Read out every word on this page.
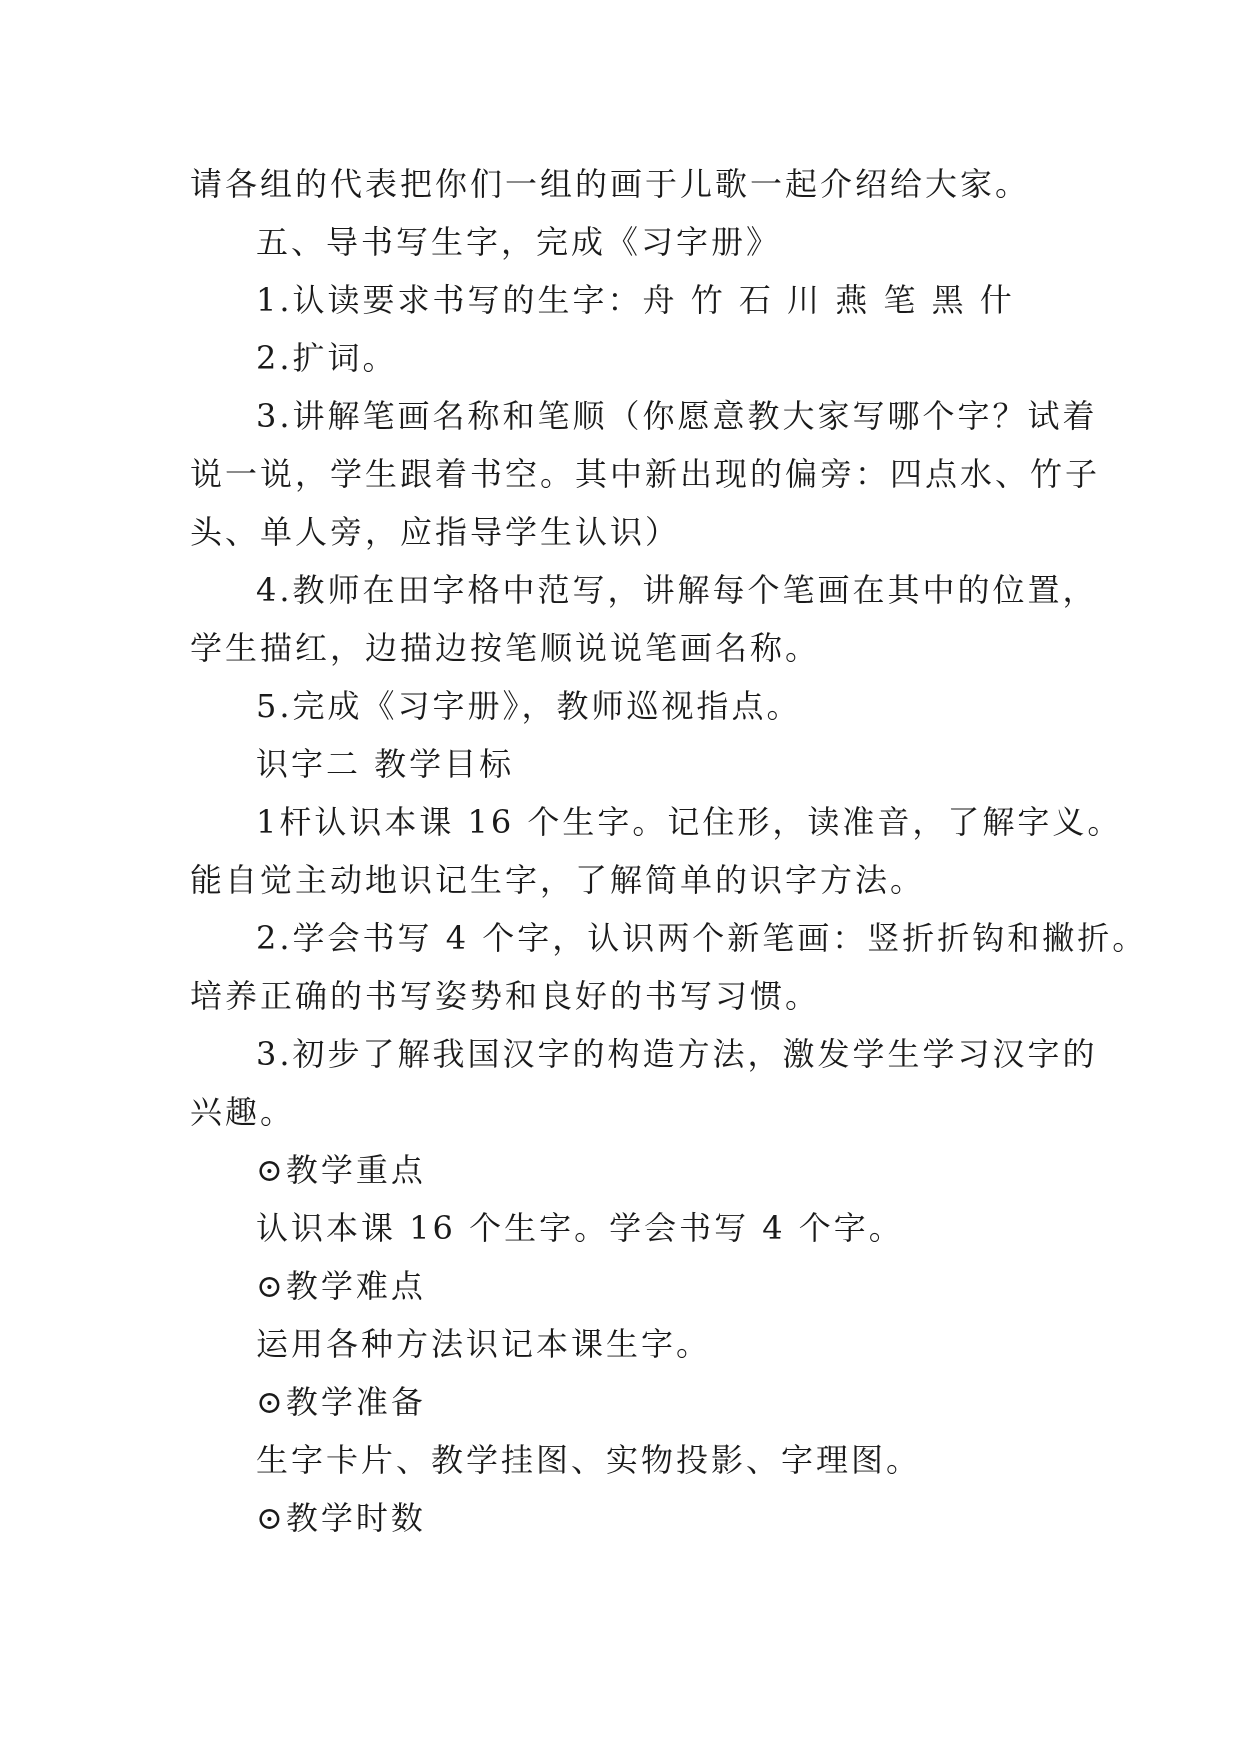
请各组的代表把你们一组的画于儿歌一起介绍给大家。
五、导书写生字，完成《习字册》
1.认读要求书写的生字：舟 竹 石 川 燕 笔 黑 什
2.扩词。
3.讲解笔画名称和笔顺（你愿意教大家写哪个字？试着
说一说，学生跟着书空。其中新出现的偏旁：四点水、竹子
头、单人旁，应指导学生认识）
4.教师在田字格中范写，讲解每个笔画在其中的位置，
学生描红，边描边按笔顺说说笔画名称。
5.完成《习字册》，教师巡视指点。
识字二 教学目标
1杆认识本课 16 个生字。记住形，读准音，了解字义。
能自觉主动地识记生字，了解简单的识字方法。
2.学会书写 4 个字，认识两个新笔画：竖折折钩和撇折。
培养正确的书写姿势和良好的书写习惯。
3.初步了解我国汉字的构造方法，激发学生学习汉字的
兴趣。
⊙教学重点
认识本课 16 个生字。学会书写 4 个字。
⊙教学难点
运用各种方法识记本课生字。
⊙教学准备
生字卡片、教学挂图、实物投影、字理图。
⊙教学时数
